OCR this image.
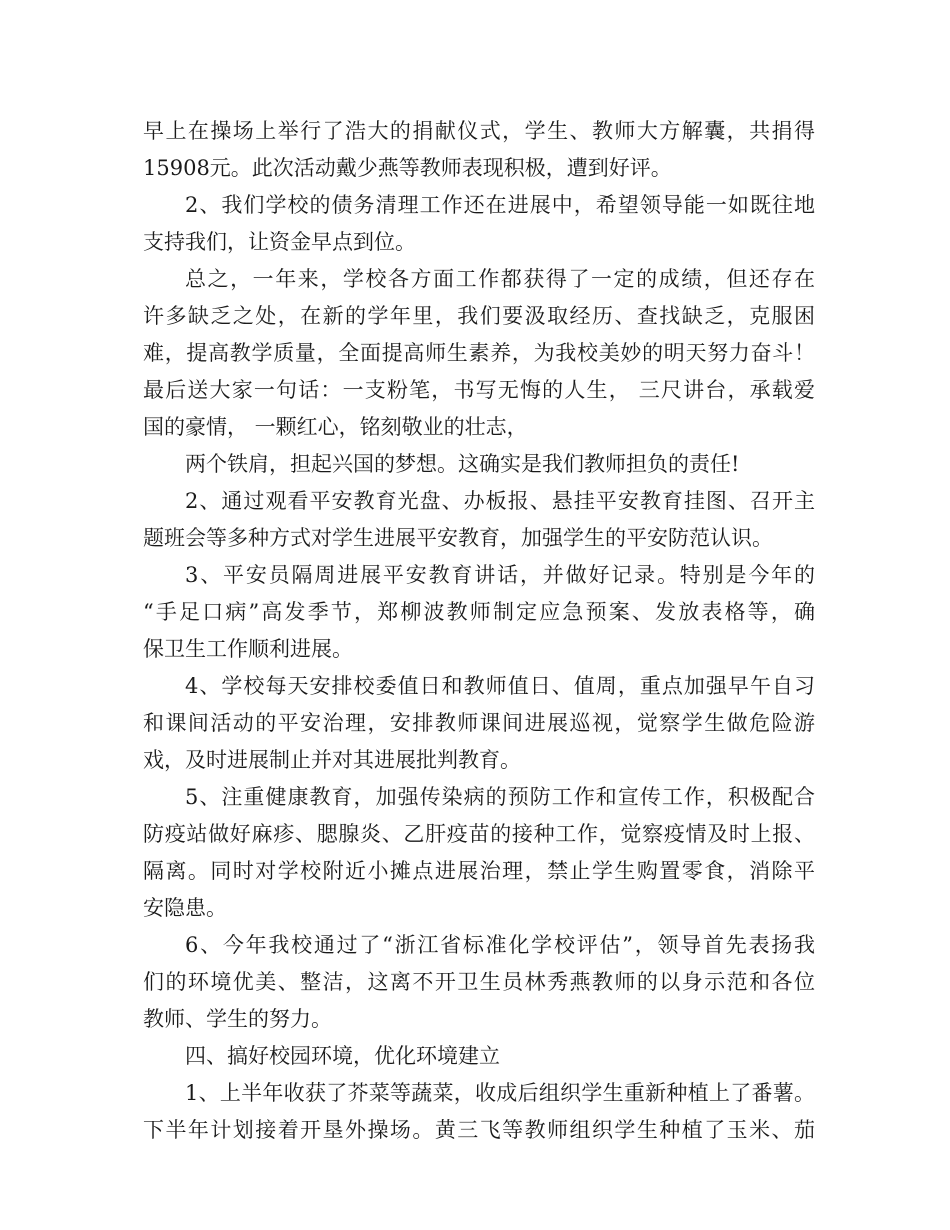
早上在操场上举行了浩大的捐献仪式，学生、教师大方解囊，共捐得
15908元。此次活动戴少燕等教师表现积极，遭到好评。
2、我们学校的债务清理工作还在进展中，希望领导能一如既往地
支持我们，让资金早点到位。
总之，一年来，学校各方面工作都获得了一定的成绩，但还存在
许多缺乏之处，在新的学年里，我们要汲取经历、查找缺乏，克服困
难，提高教学质量，全面提高师生素养，为我校美妙的明天努力奋斗！
最后送大家一句话：一支粉笔，书写无悔的人生， 三尺讲台，承载爱
国的豪情， 一颗红心，铭刻敬业的壮志，
两个铁肩，担起兴国的梦想。这确实是我们教师担负的责任!
2、通过观看平安教育光盘、办板报、悬挂平安教育挂图、召开主
题班会等多种方式对学生进展平安教育，加强学生的平安防范认识。
3、平安员隔周进展平安教育讲话，并做好记录。特别是今年的
“手足口病”高发季节，郑柳波教师制定应急预案、发放表格等，确
保卫生工作顺利进展。
4、学校每天安排校委值日和教师值日、值周，重点加强早午自习
和课间活动的平安治理，安排教师课间进展巡视，觉察学生做危险游
戏，及时进展制止并对其进展批判教育。
5、注重健康教育，加强传染病的预防工作和宣传工作，积极配合
防疫站做好麻疹、腮腺炎、乙肝疫苗的接种工作，觉察疫情及时上报、
隔离。同时对学校附近小摊点进展治理，禁止学生购置零食，消除平
安隐患。
6、今年我校通过了“浙江省标准化学校评估”，领导首先表扬我
们的环境优美、整洁，这离不开卫生员林秀燕教师的以身示范和各位
教师、学生的努力。
四、搞好校园环境，优化环境建立
1、上半年收获了芥菜等蔬菜，收成后组织学生重新种植上了番薯。
下半年计划接着开垦外操场。黄三飞等教师组织学生种植了玉米、茄
